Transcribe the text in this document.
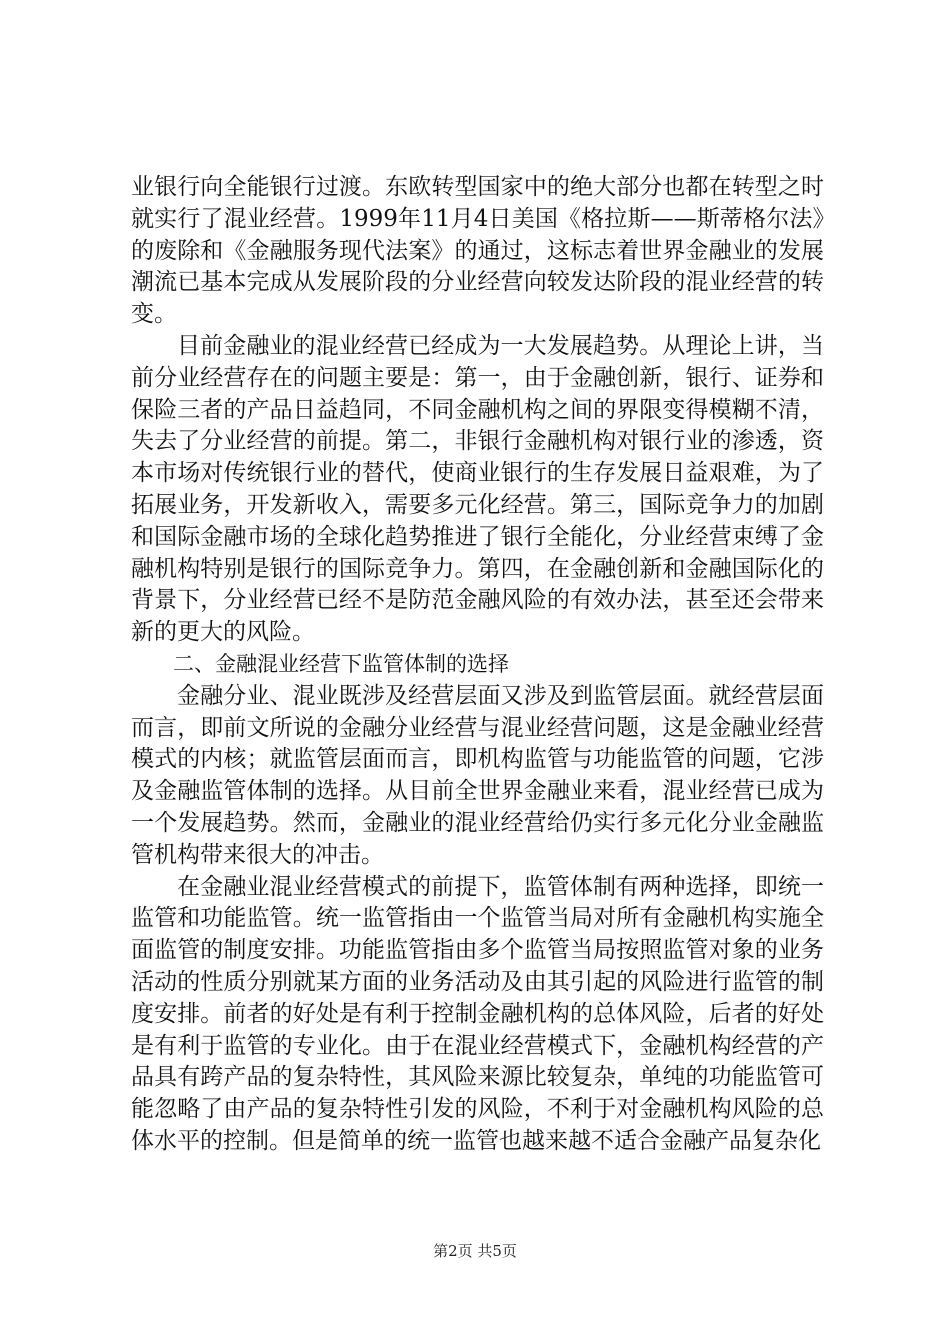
业银行向全能银行过渡。东欧转型国家中的绝大部分也都在转型之时就实行了混业经营。1999年11月4日美国《格拉斯——斯蒂格尔法》的废除和《金融服务现代法案》的通过，这标志着世界金融业的发展潮流已基本完成从发展阶段的分业经营向较发达阶段的混业经营的转变。

目前金融业的混业经营已经成为一大发展趋势。从理论上讲，当前分业经营存在的问题主要是：第一，由于金融创新，银行、证券和保险三者的产品日益趋同，不同金融机构之间的界限变得模糊不清，失去了分业经营的前提。第二，非银行金融机构对银行业的渗透，资本市场对传统银行业的替代，使商业银行的生存发展日益艰难，为了拓展业务，开发新收入，需要多元化经营。第三，国际竞争力的加剧和国际金融市场的全球化趋势推进了银行全能化，分业经营束缚了金融机构特别是银行的国际竞争力。第四，在金融创新和金融国际化的背景下，分业经营已经不是防范金融风险的有效办法，甚至还会带来新的更大的风险。

二、金融混业经营下监管体制的选择

金融分业、混业既涉及经营层面又涉及到监管层面。就经营层面而言，即前文所说的金融分业经营与混业经营问题，这是金融业经营模式的内核；就监管层面而言，即机构监管与功能监管的问题，它涉及金融监管体制的选择。从目前全世界金融业来看，混业经营已成为一个发展趋势。然而，金融业的混业经营给仍实行多元化分业金融监管机构带来很大的冲击。

在金融业混业经营模式的前提下，监管体制有两种选择，即统一监管和功能监管。统一监管指由一个监管当局对所有金融机构实施全面监管的制度安排。功能监管指由多个监管当局按照监管对象的业务活动的性质分别就某方面的业务活动及由其引起的风险进行监管的制度安排。前者的好处是有利于控制金融机构的总体风险，后者的好处是有利于监管的专业化。由于在混业经营模式下，金融机构经营的产品具有跨产品的复杂特性，其风险来源比较复杂，单纯的功能监管可能忽略了由产品的复杂特性引发的风险，不利于对金融机构风险的总体水平的控制。但是简单的统一监管也越来越不适合金融产品复杂化

第2页 共5页
